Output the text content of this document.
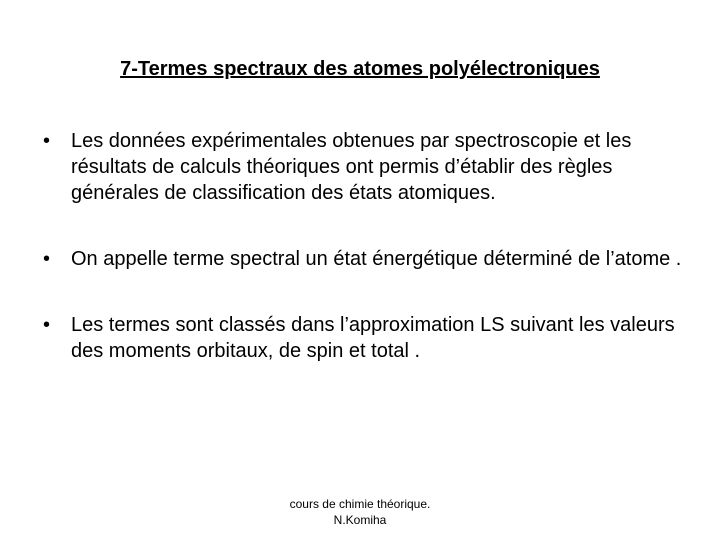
7-Termes spectraux des atomes polyélectroniques
•	Les données expérimentales obtenues par spectroscopie et les résultats de calculs théoriques ont permis d’établir des règles générales de classification des états atomiques.
•	On appelle terme spectral un état énergétique déterminé de l’atome .
•	Les termes sont classés dans l’approximation LS suivant les valeurs des moments orbitaux, de spin et total .
cours de chimie théorique.
N.Komiha
